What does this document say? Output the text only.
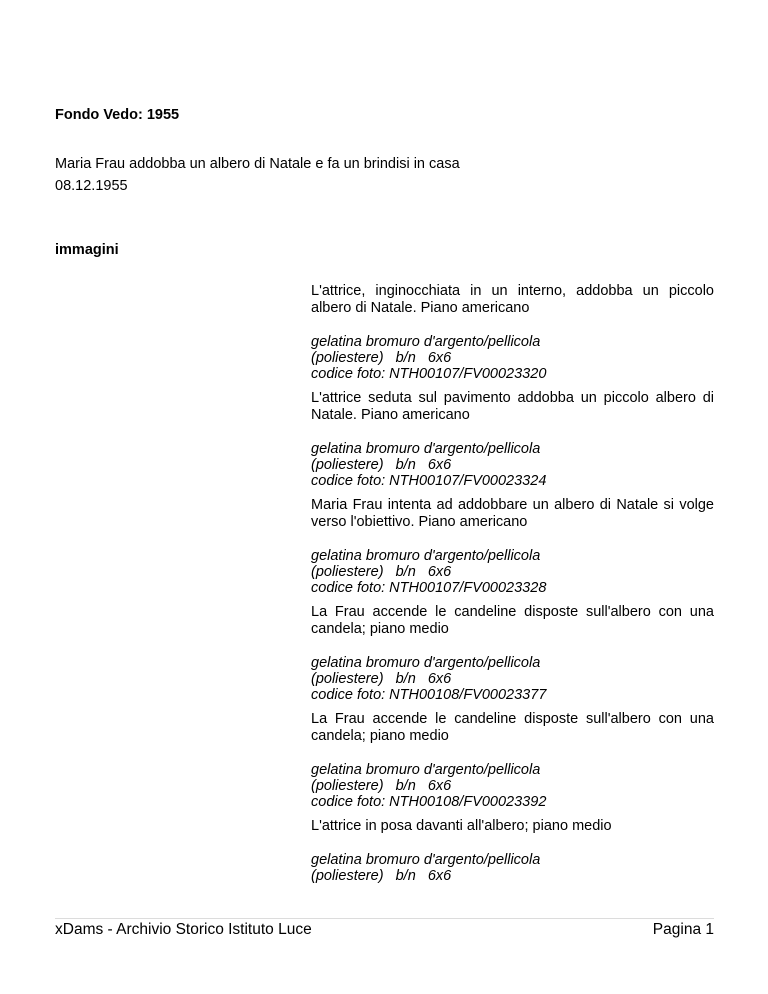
Fondo Vedo: 1955
Maria Frau addobba un albero di Natale e fa un brindisi in casa
08.12.1955
immagini
L'attrice, inginocchiata in un interno, addobba un piccolo albero di Natale. Piano americano
gelatina bromuro d'argento/pellicola
(poliestere)   b/n   6x6
codice foto: NTH00107/FV00023320
L'attrice seduta sul pavimento addobba un piccolo albero di Natale. Piano americano
gelatina bromuro d'argento/pellicola
(poliestere)   b/n   6x6
codice foto: NTH00107/FV00023324
Maria Frau intenta ad addobbare un albero di Natale si volge verso l'obiettivo. Piano americano
gelatina bromuro d'argento/pellicola
(poliestere)   b/n   6x6
codice foto: NTH00107/FV00023328
La Frau accende le candeline disposte sull'albero con una candela; piano medio
gelatina bromuro d'argento/pellicola
(poliestere)   b/n   6x6
codice foto: NTH00108/FV00023377
La Frau accende le candeline disposte sull'albero con una candela; piano medio
gelatina bromuro d'argento/pellicola
(poliestere)   b/n   6x6
codice foto: NTH00108/FV00023392
L'attrice in posa davanti all'albero; piano medio
gelatina bromuro d'argento/pellicola
(poliestere)   b/n   6x6
xDams - Archivio Storico Istituto Luce	Pagina 1
